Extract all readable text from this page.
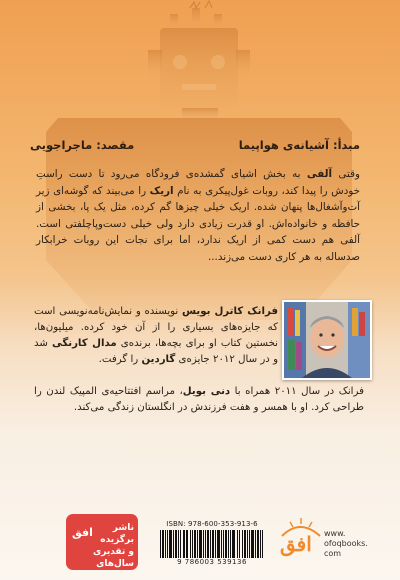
مبدأ: آشیانه‌ی هواپیما
مقصد: ماجراجویی
وقتی آلفی به بخش اشیای گمشده‌ی فرودگاه می‌رود تا دست راستِ خودش را پیدا کند، روبات غول‌پیکری به نام اریک را می‌بیند که گوشه‌ای زیر آت‌وآشغال‌ها پنهان شده. اریک خیلی چیزها گم کرده، مثل یک پا، بخشی از حافظه و خانواده‌اش. او قدرت زیادی دارد ولی خیلی دست‌وپاچلفتی است. آلفی هم دست کمی از اریک ندارد، اما برای نجات این روبات خرابکار صدساله به هر کاری دست می‌زند...
فرانک کاترل بویس نویسنده و نمایش‌نامه‌نویسی است که جایزه‌های بسیاری را از آن خود کرده. میلیون‌ها، نخستین کتاب او برای بچه‌ها، برنده‌ی مدال کارنگی شد و در سال ۲۰۱۲ جایزه‌ی گاردین را گرفت.
فرانک در سال ۲۰۱۱ همراه با دنی بویل، مراسم افتتاحیه‌ی المپیک لندن را طراحی کرد. او با همسر و هفت فرزندش در انگلستان زندگی می‌کند.
ناشر
برگزیده
و تقدیری
سال‌های
افق
ISBN: 978-600-353-913-6
9 786003 539136
افق www.
ofoqbooks.
com
